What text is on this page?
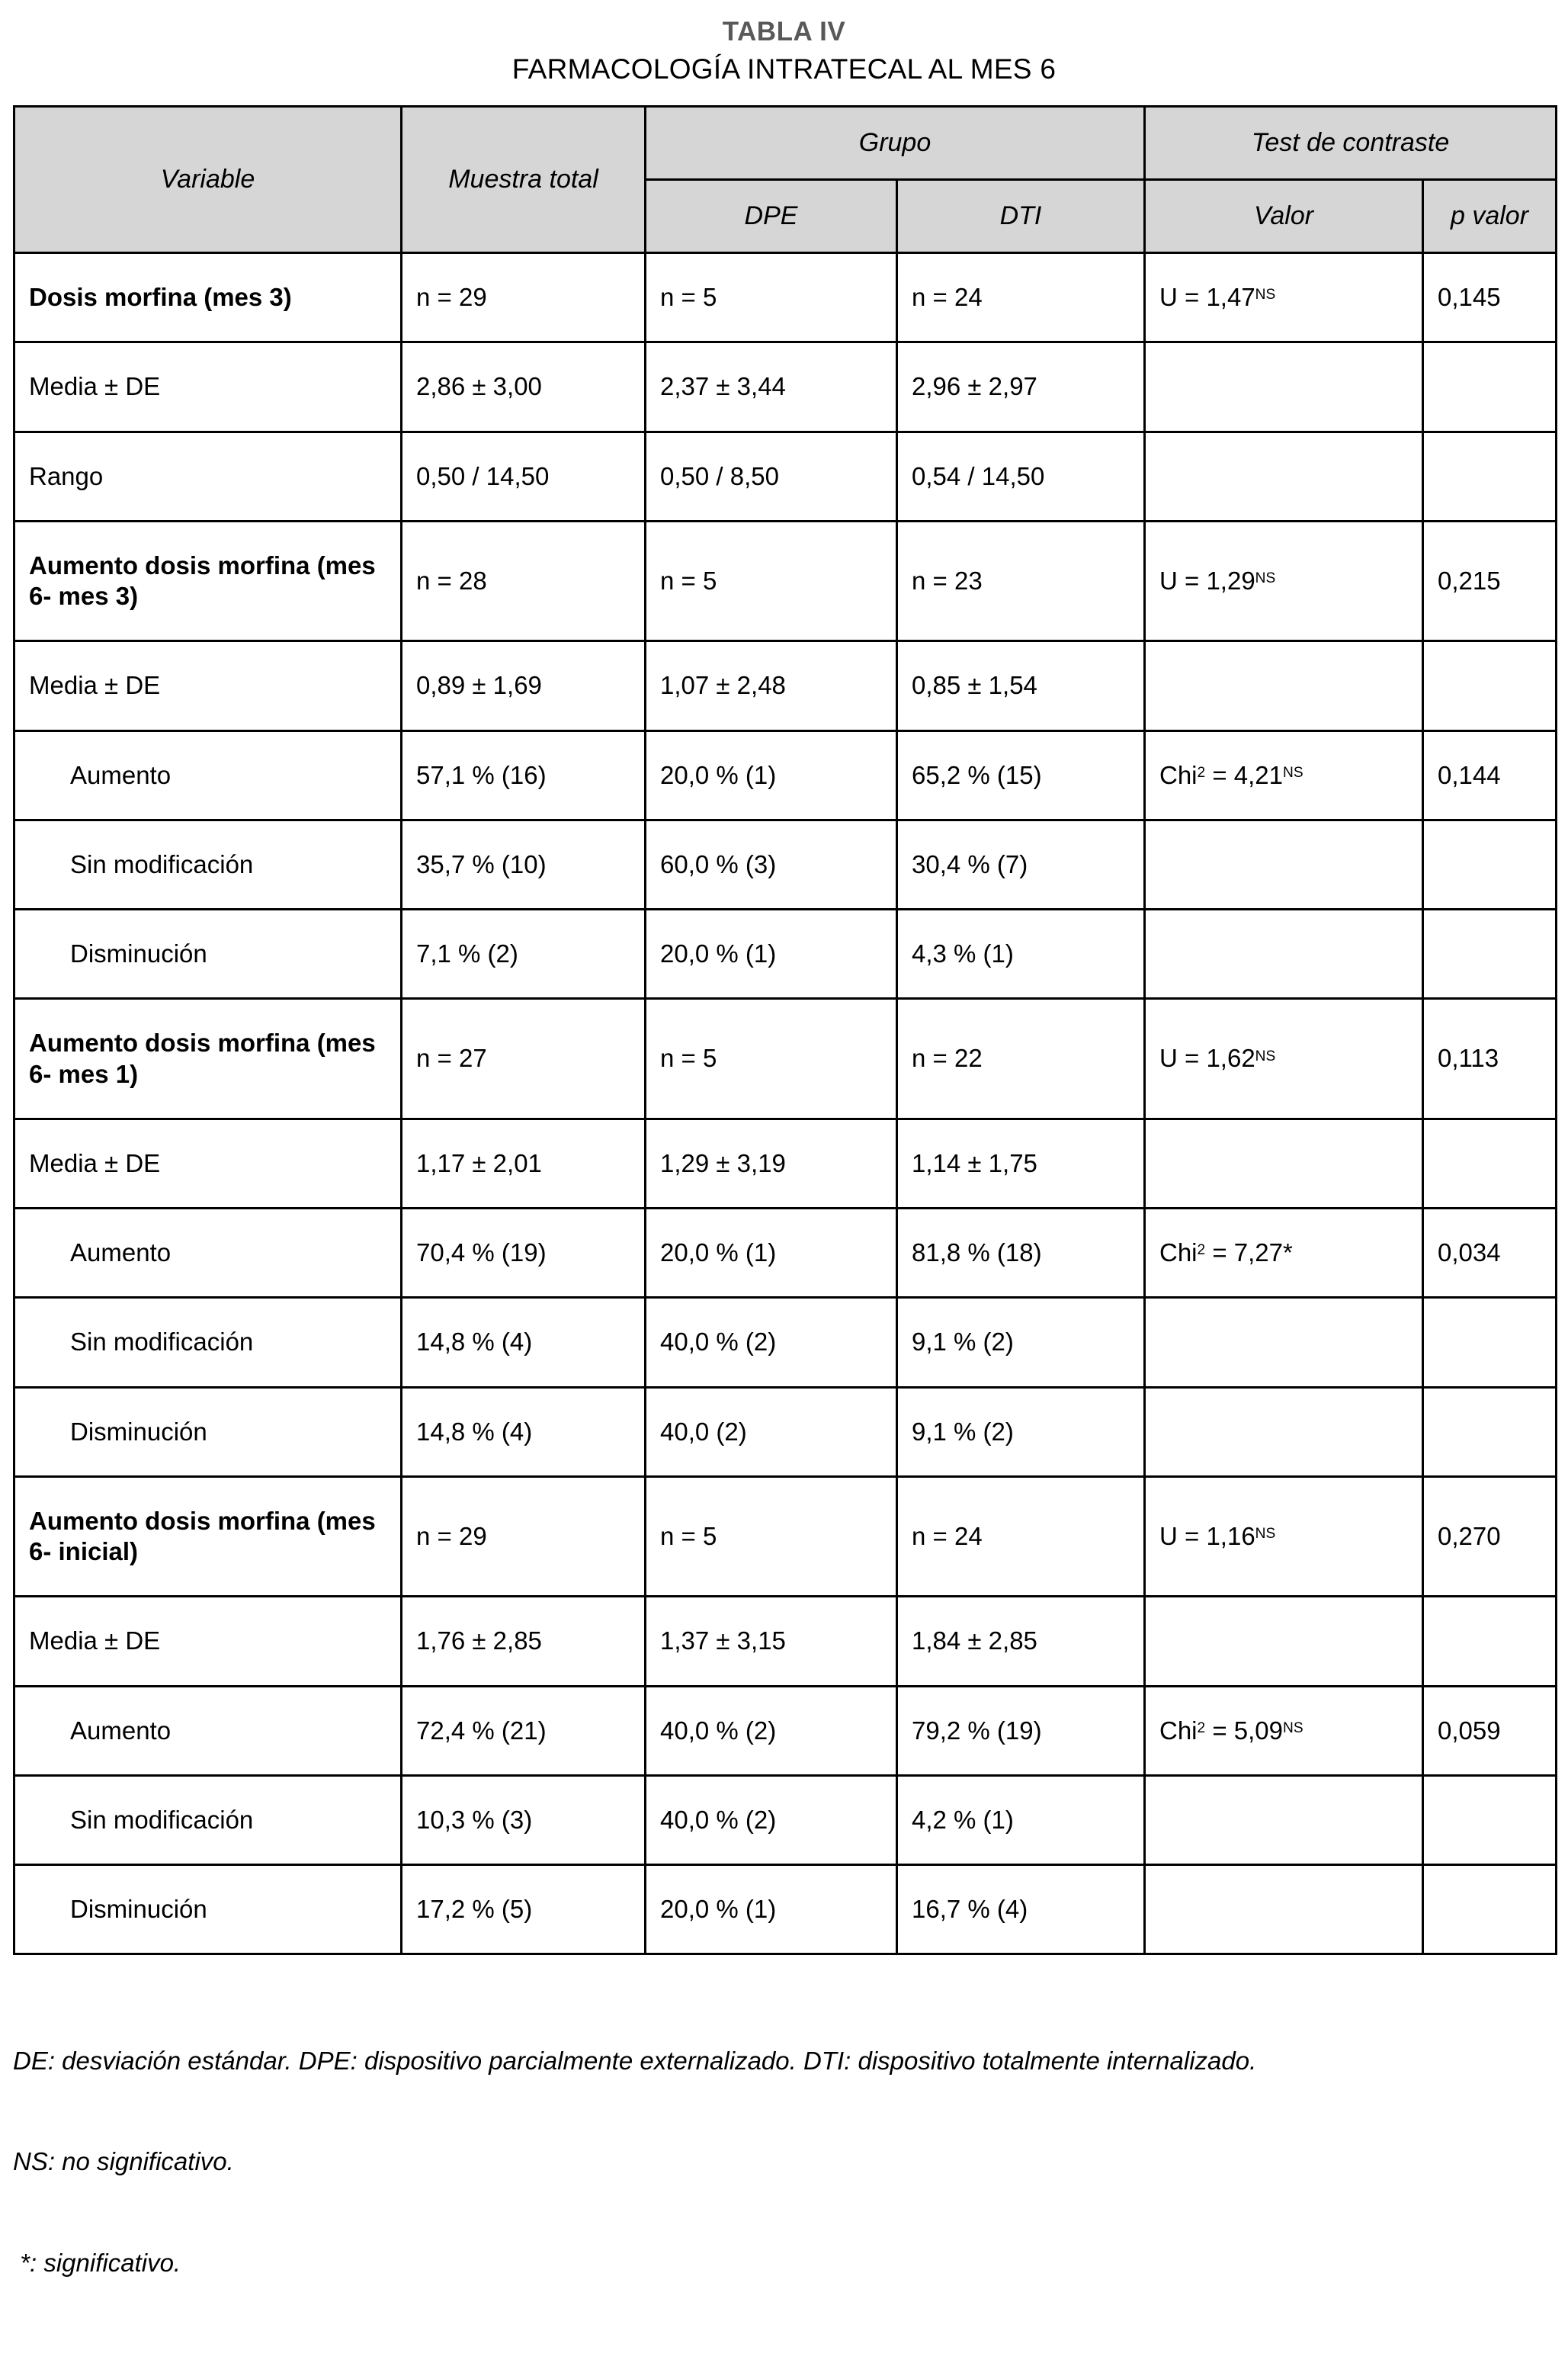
TABLA IV
FARMACOLOGÍA INTRATECAL AL MES 6
Variable	Muestra total	Grupo		Test de contraste	
		DPE	DTI	Valor	p valor
Dosis morfina (mes 3)	n = 29	n = 5	n = 24	$U = 1,47^{NS}$	0,145
Media ± DE	2,86 ± 3,00	2,37 ± 3,44	2,96 ± 2,97		
Rango	0,50 / 14,50	0,50 / 8,50	0,54 / 14,50		
Aumento dosis morfina (mes 6- mes 3)	n = 28	n = 5	n = 23	$U = 1,29^{NS}$	0,215
Media ± DE	0,89 ± 1,69	1,07 ± 2,48	0,85 ± 1,54		
Aumento	57,1 % (16)	20,0 % (1)	65,2 % (15)	$Chi^2 = 4,21^{NS}$	0,144
Sin modificación	35,7 % (10)	60,0 % (3)	30,4 % (7)		
Disminución	7,1 % (2)	20,0 % (1)	4,3 % (1)		
Aumento dosis morfina (mes 6- mes 1)	n = 27	n = 5	n = 22	$U = 1,62^{NS}$	0,113
Media ± DE	1,17 ± 2,01	1,29 ± 3,19	1,14 ± 1,75		
Aumento	70,4 % (19)	20,0 % (1)	81,8 % (18)	Chi$^2$ = 7,27*	0,034
Sin modificación	14,8 % (4)	40,0 % (2)	9,1 % (2)		
Disminución	14,8 % (4)	40,0 (2)	9,1 % (2)		
Aumento dosis morfina (mes 6- inicial)	n = 29	n = 5	n = 24	$U = 1,16^{NS}$	0,270
Media ± DE	1,76 ± 2,85	1,37 ± 3,15	1,84 ± 2,85		
Aumento	72,4 % (21)	40,0 % (2)	79,2 % (19)	$Chi^2 = 5,09^{NS}$	0,059
Sin modificación	10,3 % (3)	40,0 % (2)	4,2 % (1)		
Disminución	17,2 % (5)	20,0 % (1)	16,7 % (4)		

DE: desviación estándar. DPE: dispositivo parcialmente externalizado. DTI: dispositivo totalmente internalizado.

NS: no significativo.

*: significativo.
